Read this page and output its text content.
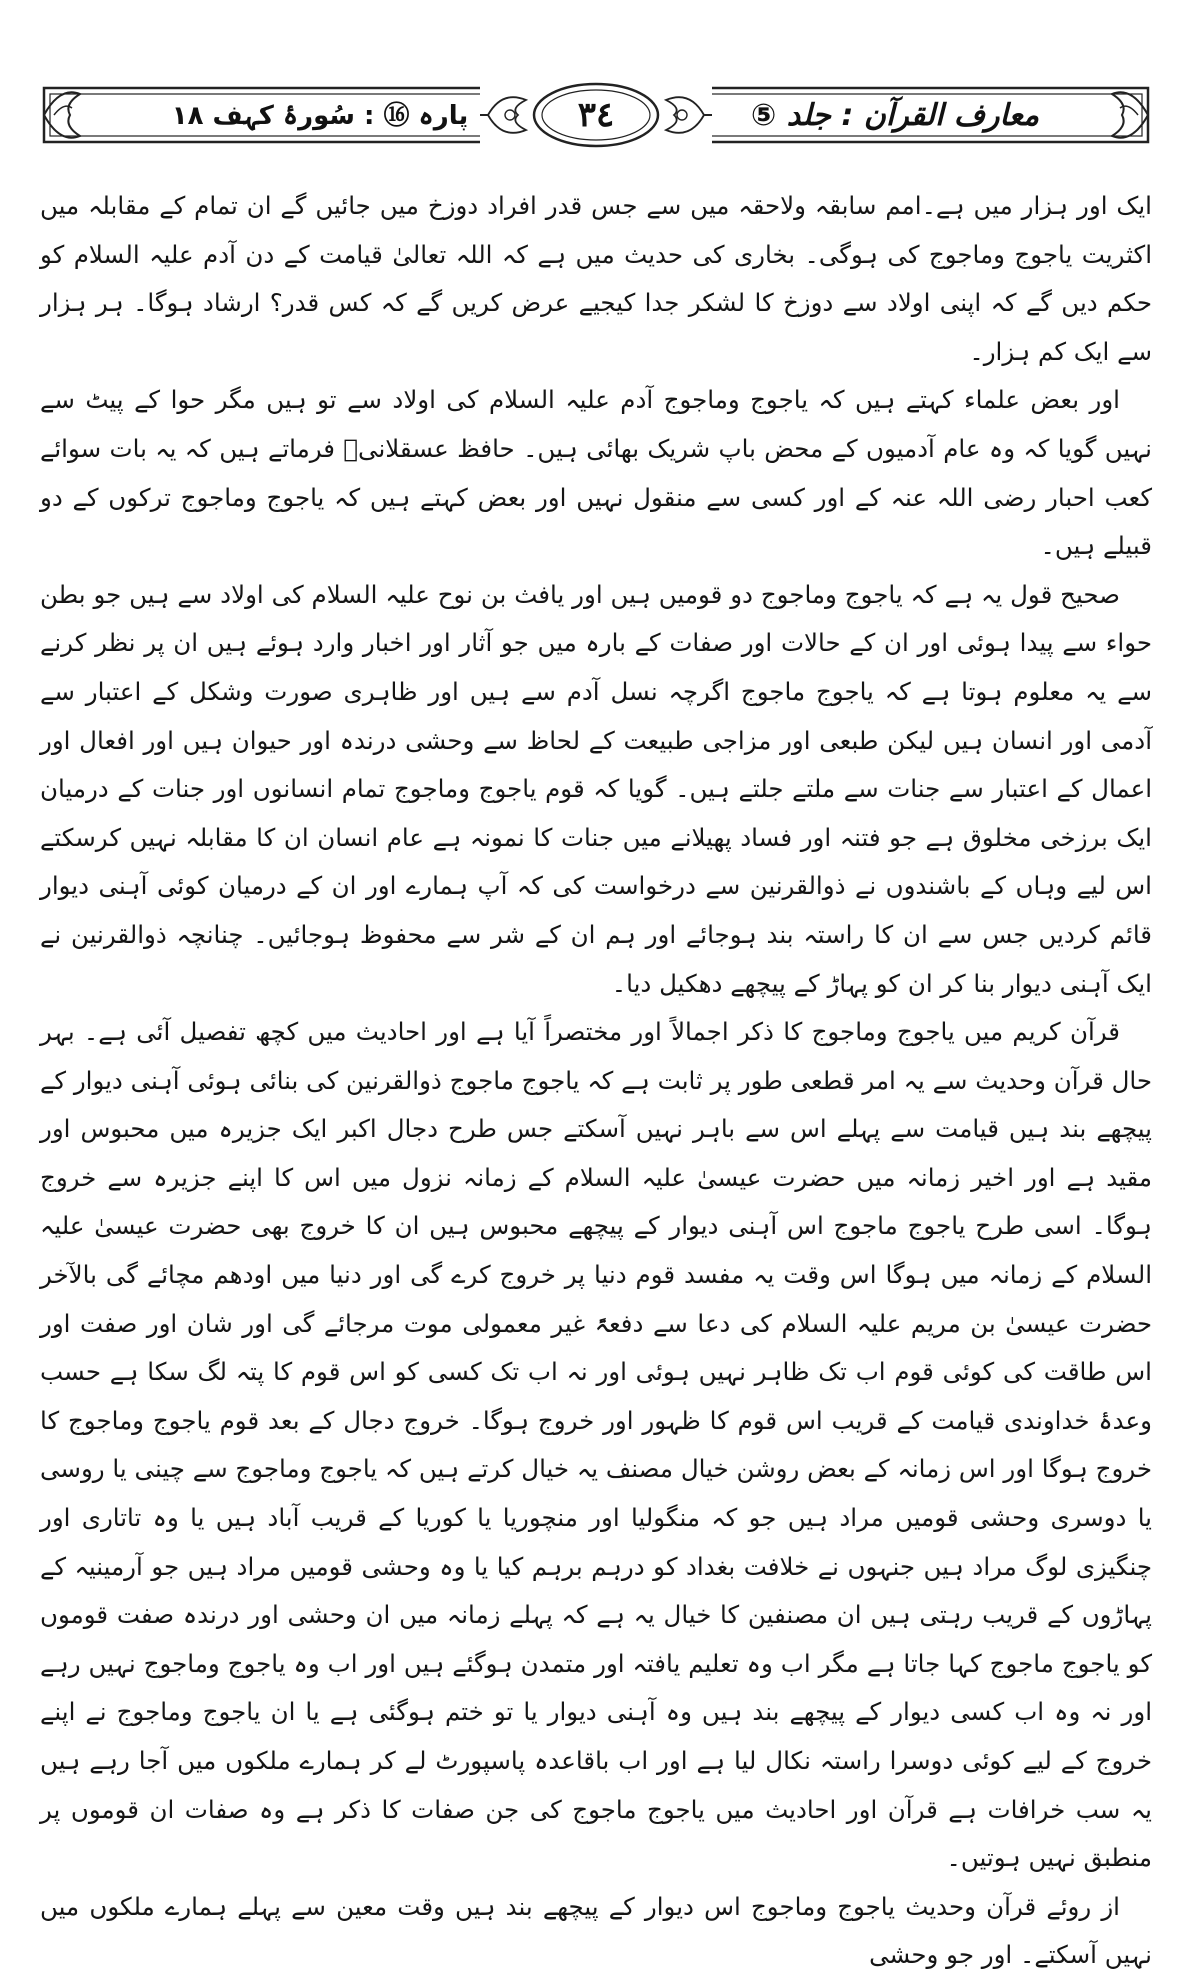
پارہ ⑯ : سُورۂ کہف ١٨	٣٤	معارف القرآن : جلد ⑤

ایک اور ہزار میں ہے۔امم سابقہ ولاحقہ میں سے جس قدر افراد دوزخ میں جائیں گے ان تمام کے مقابلہ میں اکثریت یاجوج وماجوج کی ہوگی۔ بخاری کی حدیث میں ہے کہ اللہ تعالیٰ قیامت کے دن آدم علیہ السلام کو حکم دیں گے کہ اپنی اولاد سے دوزخ کا لشکر جدا کیجیے عرض کریں گے کہ کس قدر؟ ارشاد ہوگا۔ ہر ہزار سے ایک کم ہزار۔

اور بعض علماء کہتے ہیں کہ یاجوج وماجوج آدم علیہ السلام کی اولاد سے تو ہیں مگر حوا کے پیٹ سے نہیں گویا کہ وہ عام آدمیوں کے محض باپ شریک بھائی ہیں۔ حافظ عسقلانیؒ فرماتے ہیں کہ یہ بات سوائے کعب احبار رضی اللہ عنہ کے اور کسی سے منقول نہیں اور بعض کہتے ہیں کہ یاجوج وماجوج ترکوں کے دو قبیلے ہیں۔

صحیح قول یہ ہے کہ یاجوج وماجوج دو قومیں ہیں اور یافث بن نوح علیہ السلام کی اولاد سے ہیں جو بطن حواء سے پیدا ہوئی اور ان کے حالات اور صفات کے بارہ میں جو آثار اور اخبار وارد ہوئے ہیں ان پر نظر کرنے سے یہ معلوم ہوتا ہے کہ یاجوج ماجوج اگرچہ نسل آدم سے ہیں اور ظاہری صورت وشکل کے اعتبار سے آدمی اور انسان ہیں لیکن طبعی اور مزاجی طبیعت کے لحاظ سے وحشی درندہ اور حیوان ہیں اور افعال اور اعمال کے اعتبار سے جنات سے ملتے جلتے ہیں۔ گویا کہ قوم یاجوج وماجوج تمام انسانوں اور جنات کے درمیان ایک برزخی مخلوق ہے جو فتنہ اور فساد پھیلانے میں جنات کا نمونہ ہے عام انسان ان کا مقابلہ نہیں کرسکتے اس لیے وہاں کے باشندوں نے ذوالقرنین سے درخواست کی کہ آپ ہمارے اور ان کے درمیان کوئی آہنی دیوار قائم کردیں جس سے ان کا راستہ بند ہوجائے اور ہم ان کے شر سے محفوظ ہوجائیں۔ چنانچہ ذوالقرنین نے ایک آہنی دیوار بنا کر ان کو پہاڑ کے پیچھے دھکیل دیا۔

قرآن کریم میں یاجوج وماجوج کا ذکر اجمالاً اور مختصراً آیا ہے اور احادیث میں کچھ تفصیل آئی ہے۔ بہر حال قرآن وحدیث سے یہ امر قطعی طور پر ثابت ہے کہ یاجوج ماجوج ذوالقرنین کی بنائی ہوئی آہنی دیوار کے پیچھے بند ہیں قیامت سے پہلے اس سے باہر نہیں آسکتے جس طرح دجال اکبر ایک جزیرہ میں محبوس اور مقید ہے اور اخیر زمانہ میں حضرت عیسیٰ علیہ السلام کے زمانہ نزول میں اس کا اپنے جزیرہ سے خروج ہوگا۔ اسی طرح یاجوج ماجوج اس آہنی دیوار کے پیچھے محبوس ہیں ان کا خروج بھی حضرت عیسیٰ علیہ السلام کے زمانہ میں ہوگا اس وقت یہ مفسد قوم دنیا پر خروج کرے گی اور دنیا میں اودھم مچائے گی بالآخر حضرت عیسیٰ بن مریم علیہ السلام کی دعا سے دفعۃً غیر معمولی موت مرجائے گی اور شان اور صفت اور اس طاقت کی کوئی قوم اب تک ظاہر نہیں ہوئی اور نہ اب تک کسی کو اس قوم کا پتہ لگ سکا ہے حسب وعدۂ خداوندی قیامت کے قریب اس قوم کا ظہور اور خروج ہوگا۔ خروج دجال کے بعد قوم یاجوج وماجوج کا خروج ہوگا اور اس زمانہ کے بعض روشن خیال مصنف یہ خیال کرتے ہیں کہ یاجوج وماجوج سے چینی یا روسی یا دوسری وحشی قومیں مراد ہیں جو کہ منگولیا اور منچوریا یا کوریا کے قریب آباد ہیں یا وہ تاتاری اور چنگیزی لوگ مراد ہیں جنہوں نے خلافت بغداد کو درہم برہم کیا یا وہ وحشی قومیں مراد ہیں جو آرمینیہ کے پہاڑوں کے قریب رہتی ہیں ان مصنفین کا خیال یہ ہے کہ پہلے زمانہ میں ان وحشی اور درندہ صفت قوموں کو یاجوج ماجوج کہا جاتا ہے مگر اب وہ تعلیم یافتہ اور متمدن ہوگئے ہیں اور اب وہ یاجوج وماجوج نہیں رہے اور نہ وہ اب کسی دیوار کے پیچھے بند ہیں وہ آہنی دیوار یا تو ختم ہوگئی ہے یا ان یاجوج وماجوج نے اپنے خروج کے لیے کوئی دوسرا راستہ نکال لیا ہے اور اب باقاعدہ پاسپورٹ لے کر ہمارے ملکوں میں آجا رہے ہیں یہ سب خرافات ہے قرآن اور احادیث میں یاجوج ماجوج کی جن صفات کا ذکر ہے وہ صفات ان قوموں پر منطبق نہیں ہوتیں۔

از روئے قرآن وحدیث یاجوج وماجوج اس دیوار کے پیچھے بند ہیں وقت معین سے پہلے ہمارے ملکوں میں نہیں آسکتے۔ اور جو وحشی
